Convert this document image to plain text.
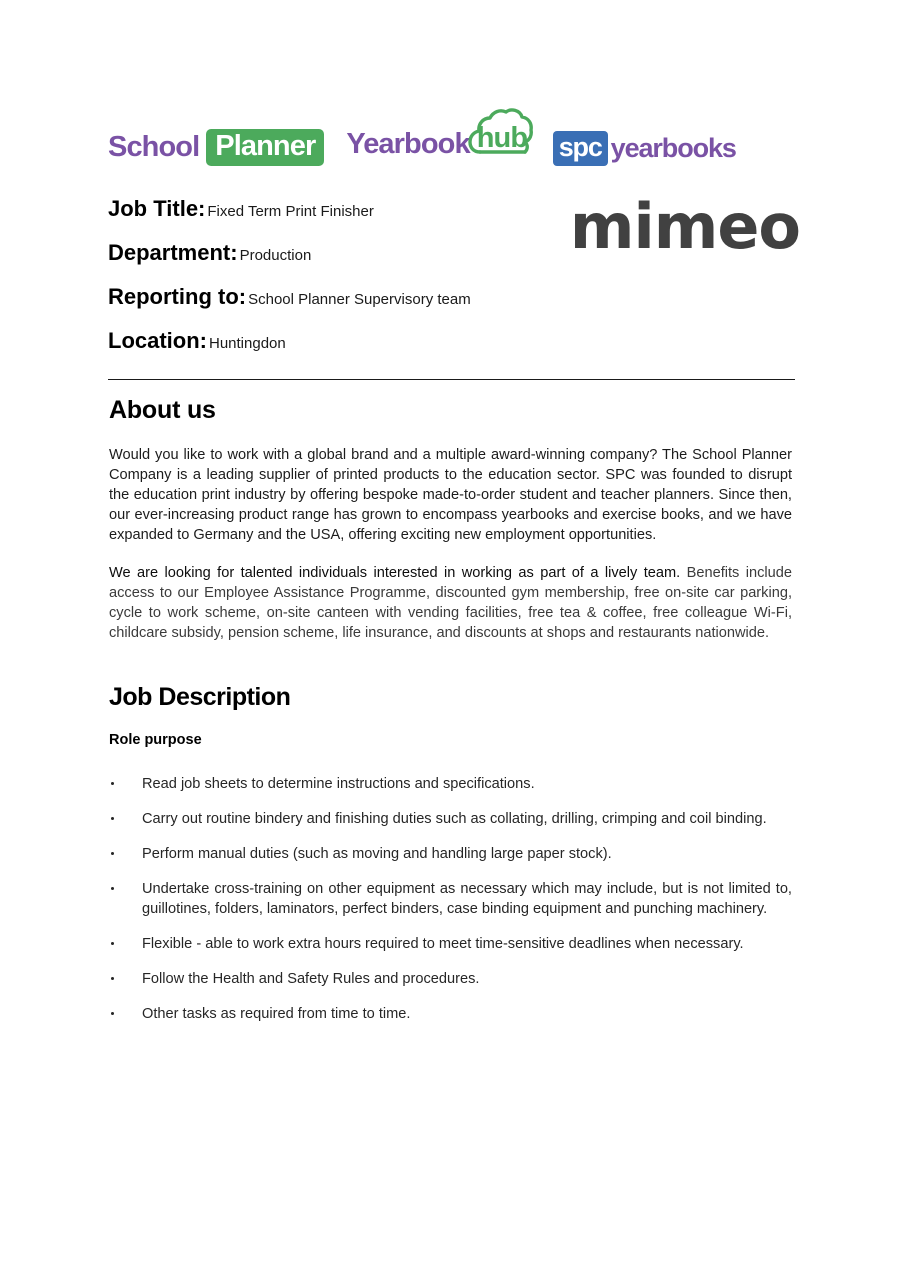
School Planner	Yearbook hub spc yearbooks
mimeo
Job Title: Fixed Term Print Finisher
Department: Production
Reporting to: School Planner Supervisory team
Location: Huntingdon
About us

Would you like to work with a global brand and a multiple award-winning company? The School Planner Company is a leading supplier of printed products to the education sector. SPC was founded to disrupt the education print industry by offering bespoke made-to-order student and teacher planners. Since then, our ever-increasing product range has grown to encompass yearbooks and exercise books, and we have expanded to Germany and the USA, offering exciting new employment opportunities.

We are looking for talented individuals interested in working as part of a lively team. Benefits include access to our Employee Assistance Programme, discounted gym membership, free on-site car parking, cycle to work scheme, on-site canteen with vending facilities, free tea & coffee, free colleague Wi-Fi, childcare subsidy, pension scheme, life insurance, and discounts at shops and restaurants nationwide.

Job Description
Role purpose
Read job sheets to determine instructions and specifications.
Carry out routine bindery and finishing duties such as collating, drilling, crimping and coil binding.
Perform manual duties (such as moving and handling large paper stock).
Undertake cross-training on other equipment as necessary which may include, but is not limited to, guillotines, folders, laminators, perfect binders, case binding equipment and punching machinery.
Flexible - able to work extra hours required to meet time-sensitive deadlines when necessary.
Follow the Health and Safety Rules and procedures.
Other tasks as required from time to time.
